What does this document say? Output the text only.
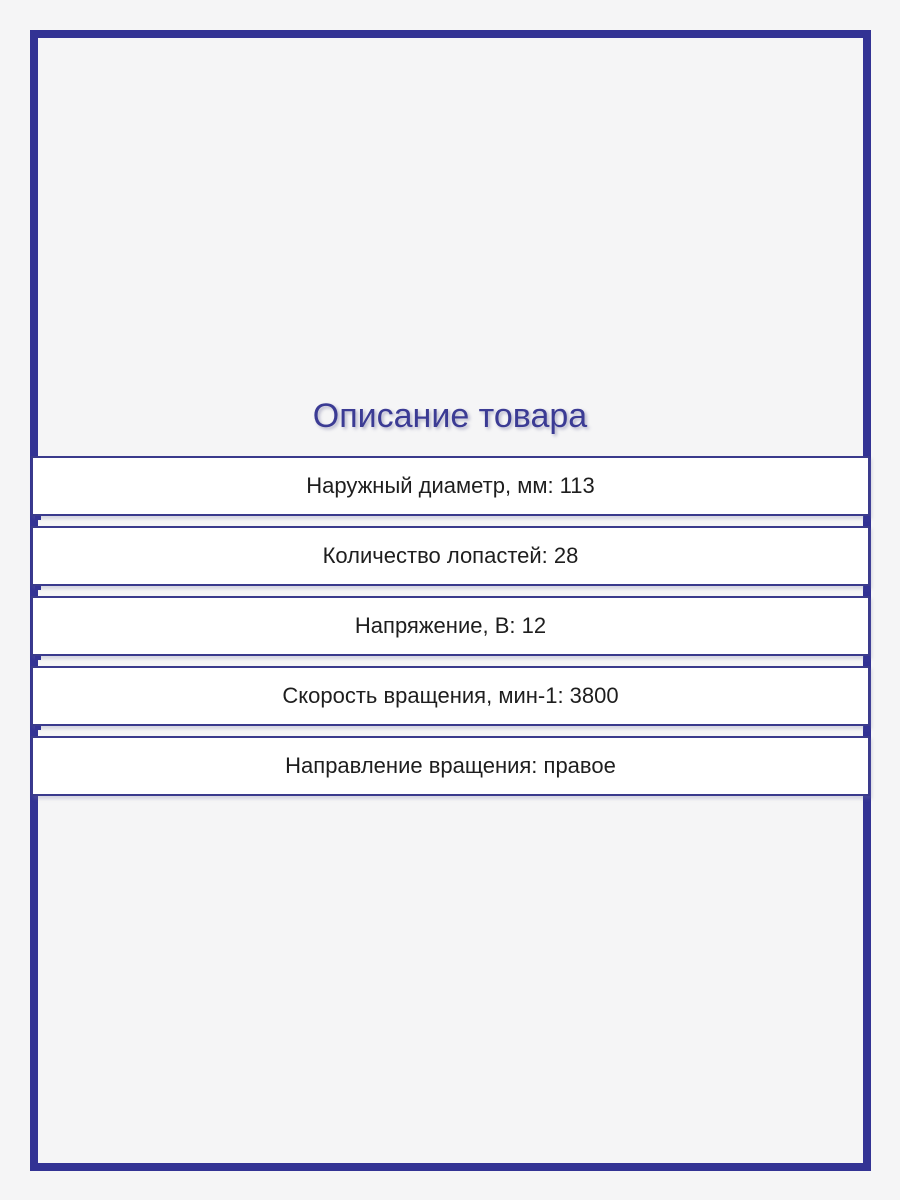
Описание товара
Наружный диаметр, мм: 113
Количество лопастей: 28
Напряжение, В: 12
Скорость вращения, мин-1: 3800
Направление вращения: правое
